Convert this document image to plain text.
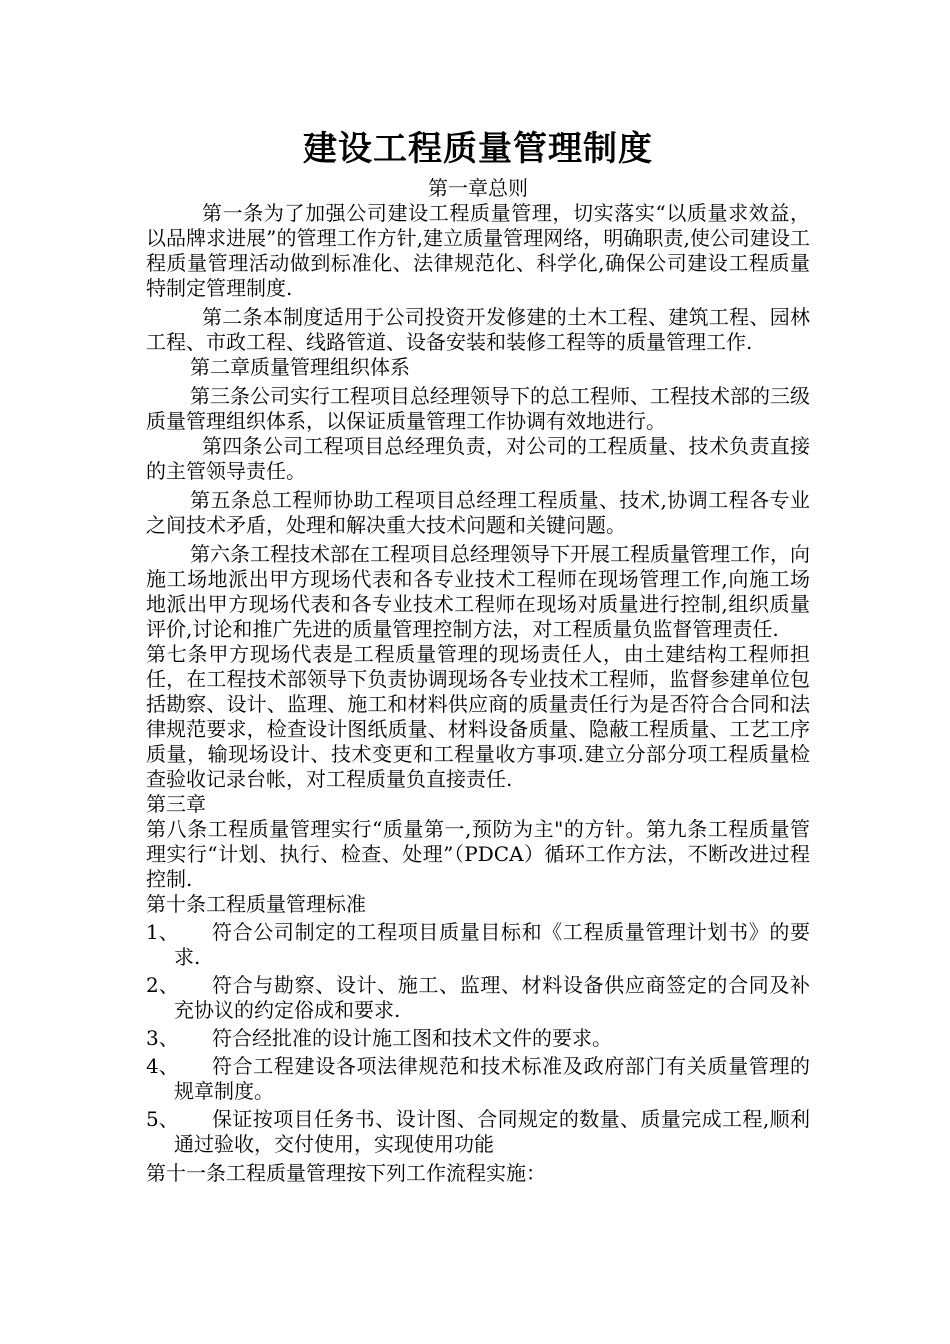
建设工程质量管理制度
第一章总则

第一条为了加强公司建设工程质量管理，切实落实“以质量求效益，以品牌求进展”的管理工作方针,建立质量管理网络，明确职责,使公司建设工程质量管理活动做到标准化、法律规范化、科学化,确保公司建设工程质量特制定管理制度.

第二条本制度适用于公司投资开发修建的土木工程、建筑工程、园林工程、市政工程、线路管道、设备安装和装修工程等的质量管理工作.

第二章质量管理组织体系

第三条公司实行工程项目总经理领导下的总工程师、工程技术部的三级质量管理组织体系，以保证质量管理工作协调有效地进行。

第四条公司工程项目总经理负责，对公司的工程质量、技术负责直接的主管领导责任。

第五条总工程师协助工程项目总经理工程质量、技术,协调工程各专业之间技术矛盾，处理和解决重大技术问题和关键问题。

第六条工程技术部在工程项目总经理领导下开展工程质量管理工作，向施工场地派出甲方现场代表和各专业技术工程师在现场管理工作,向施工场地派出甲方现场代表和各专业技术工程师在现场对质量进行控制,组织质量评价,讨论和推广先进的质量管理控制方法，对工程质量负监督管理责任.

第七条甲方现场代表是工程质量管理的现场责任人，由土建结构工程师担任，在工程技术部领导下负责协调现场各专业技术工程师，监督参建单位包括勘察、设计、监理、施工和材料供应商的质量责任行为是否符合合同和法律规范要求，检查设计图纸质量、材料设备质量、隐蔽工程质量、工艺工序质量，输现场设计、技术变更和工程量收方事项.建立分部分项工程质量检查验收记录台帐，对工程质量负直接责任.

第三章

第八条工程质量管理实行“质量第一,预防为主"的方针。第九条工程质量管理实行“计划、执行、检查、处理”（PDCA）循环工作方法，不断改进过程控制.

第十条工程质量管理标准

1、	符合公司制定的工程项目质量目标和《工程质量管理计划书》的要求.
2、	符合与勘察、设计、施工、监理、材料设备供应商签定的合同及补充协议的约定俗成和要求.
3、	符合经批准的设计施工图和技术文件的要求。
4、	符合工程建设各项法律规范和技术标准及政府部门有关质量管理的规章制度。
5、	保证按项目任务书、设计图、合同规定的数量、质量完成工程,顺利通过验收，交付使用，实现使用功能

第十一条工程质量管理按下列工作流程实施：
